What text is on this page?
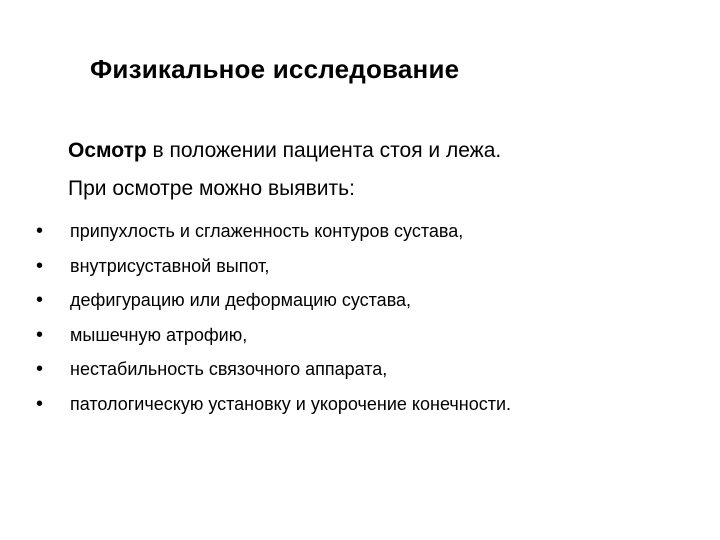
Физикальное исследование
Осмотр в положении пациента стоя и лежа.
При осмотре можно выявить:
• припухлость и сглаженность контуров сустава,
• внутрисуставной выпот,
• дефигурацию или деформацию сустава,
• мышечную атрофию,
• нестабильность связочного аппарата,
• патологическую установку и укорочение конечности.
